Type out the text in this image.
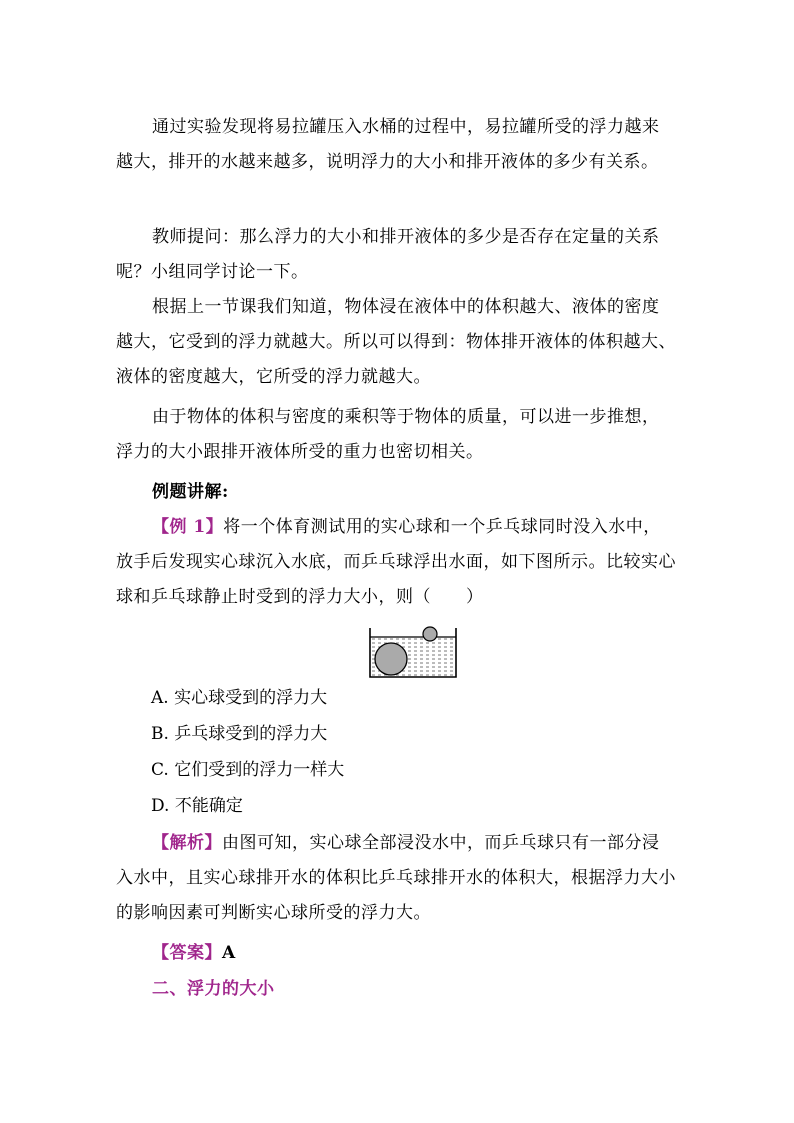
通过实验发现将易拉罐压入水桶的过程中，易拉罐所受的浮力越来越大，排开的水越来越多，说明浮力的大小和排开液体的多少有关系。

教师提问：那么浮力的大小和排开液体的多少是否存在定量的关系呢？小组同学讨论一下。

根据上一节课我们知道，物体浸在液体中的体积越大、液体的密度越大，它受到的浮力就越大。所以可以得到：物体排开液体的体积越大、液体的密度越大，它所受的浮力就越大。

由于物体的体积与密度的乘积等于物体的质量，可以进一步推想，浮力的大小跟排开液体所受的重力也密切相关。

例题讲解:

【例 1】将一个体育测试用的实心球和一个乒乓球同时没入水中，放手后发现实心球沉入水底，而乒乓球浮出水面，如下图所示。比较实心球和乒乓球静止时受到的浮力大小，则（　　）

A. 实心球受到的浮力大

B. 乒乓球受到的浮力大

C. 它们受到的浮力一样大

D. 不能确定

【解析】由图可知，实心球全部浸没水中，而乒乓球只有一部分浸入水中，且实心球排开水的体积比乒乓球排开水的体积大，根据浮力大小的影响因素可判断实心球所受的浮力大。

【答案】A

二、浮力的大小
